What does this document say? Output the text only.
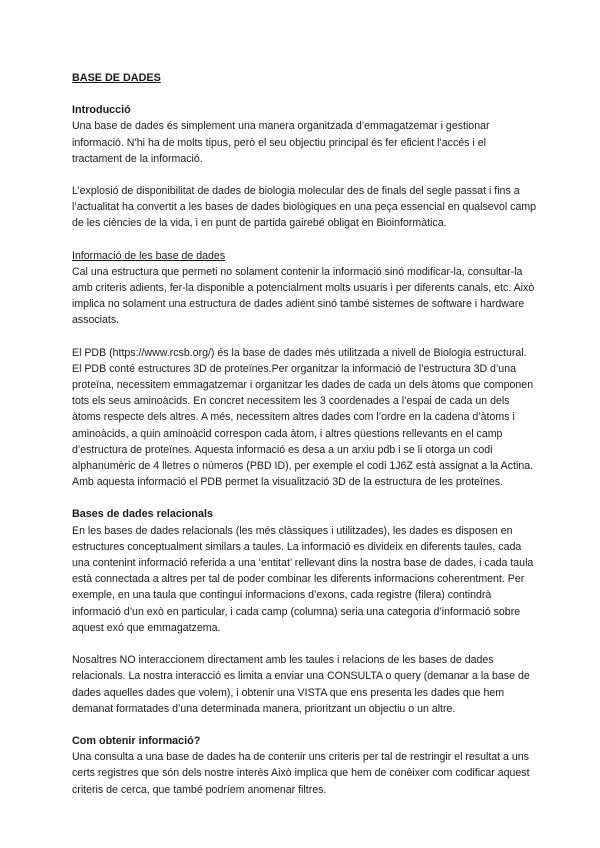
BASE DE DADES
Introducció

Una base de dades és simplement una manera organitzada d’emmagatzemar i gestionar informació. N’hi ha de molts tipus, però el seu objectiu principal és fer eficient l’accés i el tractament de la informació.

L’explosió de disponibilitat de dades de biologia molecular des de finals del segle passat i fins a l’actualitat ha convertit a les bases de dades biològiques en una peça essencial en qualsevol camp de les ciències de la vida, i en punt de partida gairebé obligat en Bioinformàtica.

Informació de les base de dades

Cal una estructura que permeti no solament contenir la informació sinó modificar-la, consultar-la amb criteris adients, fer-la disponible a potencialment molts usuaris i per diferents canals, etc. Això implica no solament una estructura de dades adient sinó també sistemes de software i hardware associats.

El PDB (https://www.rcsb.org/) és la base de dades més utilitzada a nivell de Biologia estructural. El PDB conté estructures 3D de proteïnes.Per organitzar la informació de l’estructura 3D d’una proteïna, necessitem emmagatzemar i organitzar les dades de cada un dels àtoms que componen tots els seus aminoàcids. En concret necessitem les 3 coordenades a l’espai de cada un dels àtoms respecte dels altres. A més, necessitem altres dades com l’ordre en la cadena d’àtoms i aminoàcids, a quin aminoàcid correspon cada àtom, i altres qüestions rellevants en el camp d’estructura de proteïnes. Aquesta informació es desa a un arxiu pdb i se li otorga un codi alphanumèric de 4 lletres o números (PBD ID), per exemple el codi 1J6Z està assignat a la Actina. Amb aquesta informació el PDB permet la visualització 3D de la estructura de les proteïnes.

Bases de dades relacionals

En les bases de dades relacionals (les més clàssiques i utilitzades), les dades es disposen en estructures conceptualment similars a taules. La informació es divideix en diferents taules, cada una contenint informació referida a una ‘entitat’ rellevant dins la nostra base de dades, i cada taula està connectada a altres per tal de poder combinar les diferents informacions coherentment. Per exemple, en una taula que contingui informacions d’exons, cada registre (filera) contindrà informació d’un exò en particular, i cada camp (columna) seria una categoria d’informació sobre aquest exó que emmagatzema.

Nosaltres NO interaccionem directament amb les taules i relacions de les bases de dades relacionals. La nostra interacció es limita a enviar una CONSULTA o query (demanar a la base de dades aquelles dades que volem), i obtenir una VISTA que ens presenta les dades que hem demanat formatades d’una determinada manera, prioritzant un objectiu o un altre.

Com obtenir informació?

Una consulta a una base de dades ha de contenir uns criteris per tal de restringir el resultat a uns certs registres que són dels nostre interès Això implica que hem de conèixer com codificar aquest criteris de cerca, que també podríem anomenar filtres.
